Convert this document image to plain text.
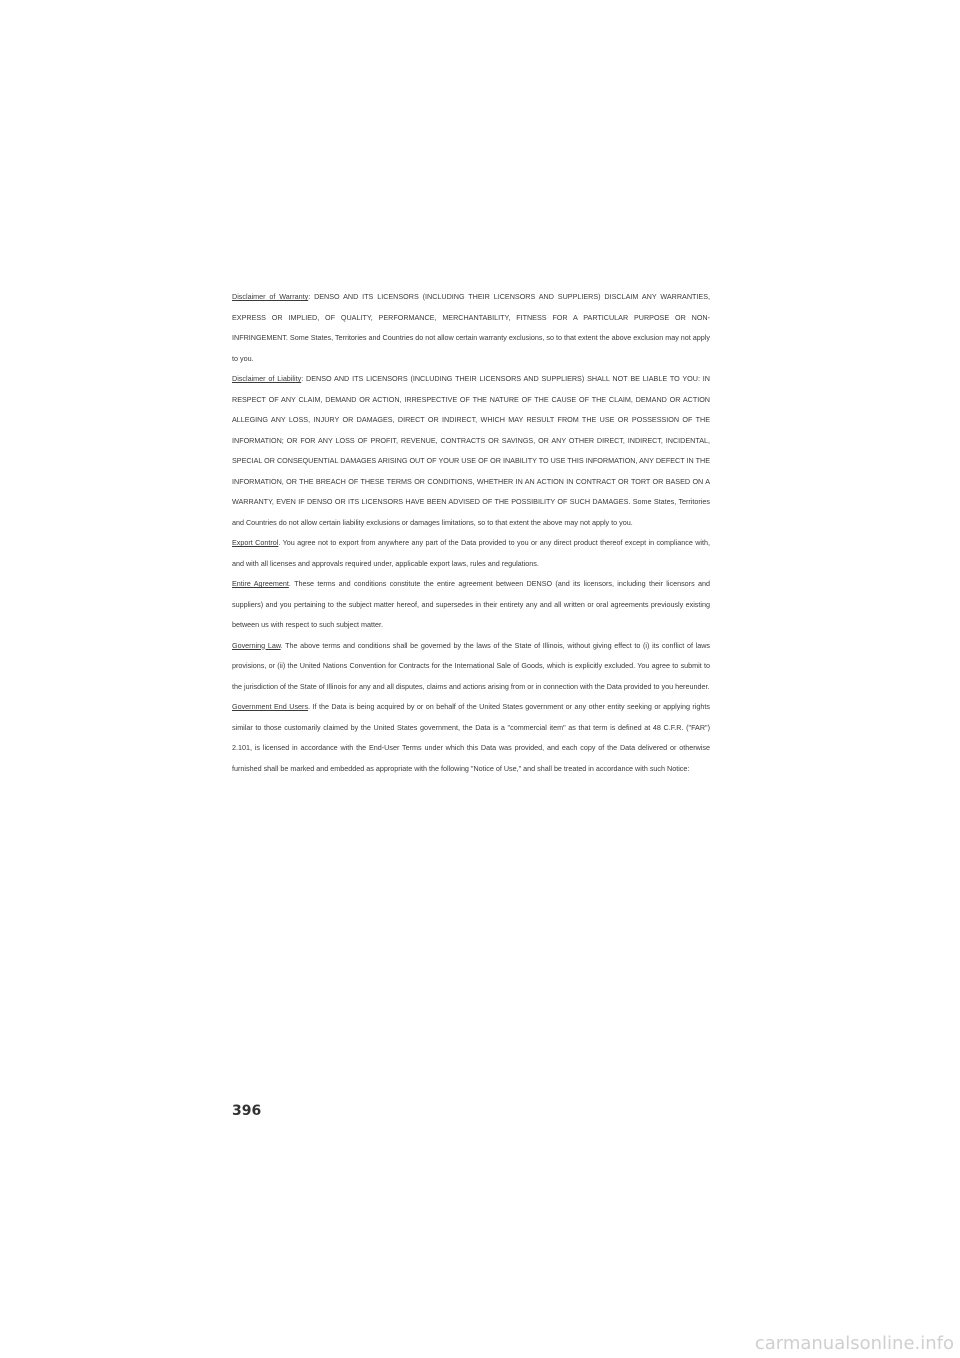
Disclaimer of Warranty: DENSO AND ITS LICENSORS (INCLUDING THEIR LICENSORS AND SUPPLIERS) DISCLAIM ANY WARRANTIES, EXPRESS OR IMPLIED, OF QUALITY, PERFORMANCE, MERCHANTABILITY, FITNESS FOR A PARTICULAR PURPOSE OR NON-INFRINGEMENT. Some States, Territories and Countries do not allow certain warranty exclusions, so to that extent the above exclusion may not apply to you.

Disclaimer of Liability: DENSO AND ITS LICENSORS (INCLUDING THEIR LICENSORS AND SUPPLIERS) SHALL NOT BE LIABLE TO YOU: IN RESPECT OF ANY CLAIM, DEMAND OR ACTION, IRRESPECTIVE OF THE NATURE OF THE CAUSE OF THE CLAIM, DEMAND OR ACTION ALLEGING ANY LOSS, INJURY OR DAMAGES, DIRECT OR INDIRECT, WHICH MAY RESULT FROM THE USE OR POSSESSION OF THE INFORMATION; OR FOR ANY LOSS OF PROFIT, REVENUE, CONTRACTS OR SAVINGS, OR ANY OTHER DIRECT, INDIRECT, INCIDENTAL, SPECIAL OR CONSEQUENTIAL DAMAGES ARISING OUT OF YOUR USE OF OR INABILITY TO USE THIS INFORMATION, ANY DEFECT IN THE INFORMATION, OR THE BREACH OF THESE TERMS OR CONDITIONS, WHETHER IN AN ACTION IN CONTRACT OR TORT OR BASED ON A WARRANTY, EVEN IF DENSO OR ITS LICENSORS HAVE BEEN ADVISED OF THE POSSIBILITY OF SUCH DAMAGES. Some States, Territories and Countries do not allow certain liability exclusions or damages limitations, so to that extent the above may not apply to you.

Export Control. You agree not to export from anywhere any part of the Data provided to you or any direct product thereof except in compliance with, and with all licenses and approvals required under, applicable export laws, rules and regulations.

Entire Agreement. These terms and conditions constitute the entire agreement between DENSO (and its licensors, including their licensors and suppliers) and you pertaining to the subject matter hereof, and supersedes in their entirety any and all written or oral agreements previously existing between us with respect to such subject matter.

Governing Law. The above terms and conditions shall be governed by the laws of the State of Illinois, without giving effect to (i) its conflict of laws provisions, or (ii) the United Nations Convention for Contracts for the International Sale of Goods, which is explicitly excluded. You agree to submit to the jurisdiction of the State of Illinois for any and all disputes, claims and actions arising from or in connection with the Data provided to you hereunder.

Government End Users. If the Data is being acquired by or on behalf of the United States government or any other entity seeking or applying rights similar to those customarily claimed by the United States government, the Data is a "commercial item" as that term is defined at 48 C.F.R. ("FAR") 2.101, is licensed in accordance with the End-User Terms under which this Data was provided, and each copy of the Data delivered or otherwise furnished shall be marked and embedded as appropriate with the following "Notice of Use," and shall be treated in accordance with such Notice:

396
carmanualsonline.info
